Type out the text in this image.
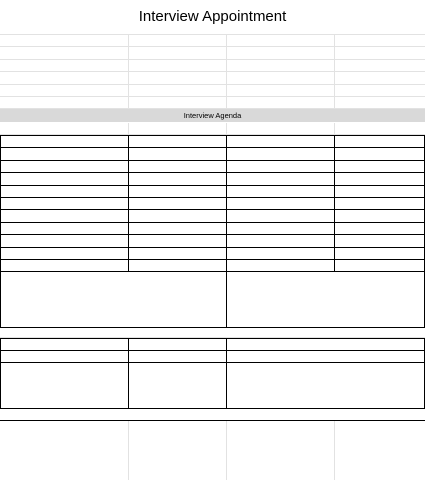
Interview Appointment
Interview Agenda
